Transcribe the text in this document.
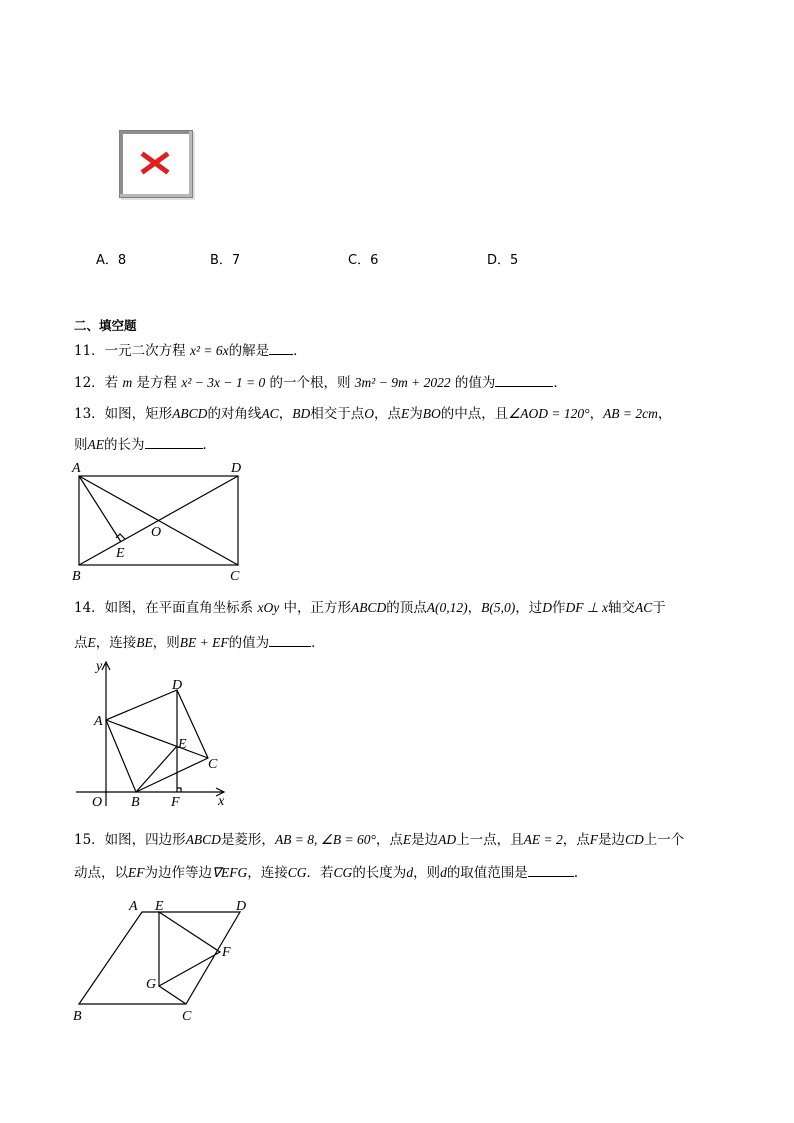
A．8	B．7	C．6	D．5
二、填空题
11．一元二次方程 x² = 6x的解是 ．
12．若 m 是方程 x² − 3x − 1 = 0 的一个根，则 3m² − 9m + 2022 的值为	．
13．如图，矩形ABCD的对角线AC，BD相交于点O，点E为BO的中点，且∠AOD = 120°，AB = 2cm，
则AE的长为	．
A	D
B	C
O
E
14．如图，在平面直角坐标系 xOy 中，正方形ABCD的顶点A(0,12)，B(5,0)，过D作DF ⊥ x轴交AC于
点E，连接BE，则BE + EF的值为	．
y
x
O
A
B
C
D
E
F
15．如图，四边形ABCD是菱形，AB = 8, ∠B = 60°，点E是边AD上一点，且AE = 2，点F是边CD上一个
动点，以EF为边作等边∇EFG，连接CG．若CG的长度为d，则d的取值范围是	．
A E	D
F
G
B	C
